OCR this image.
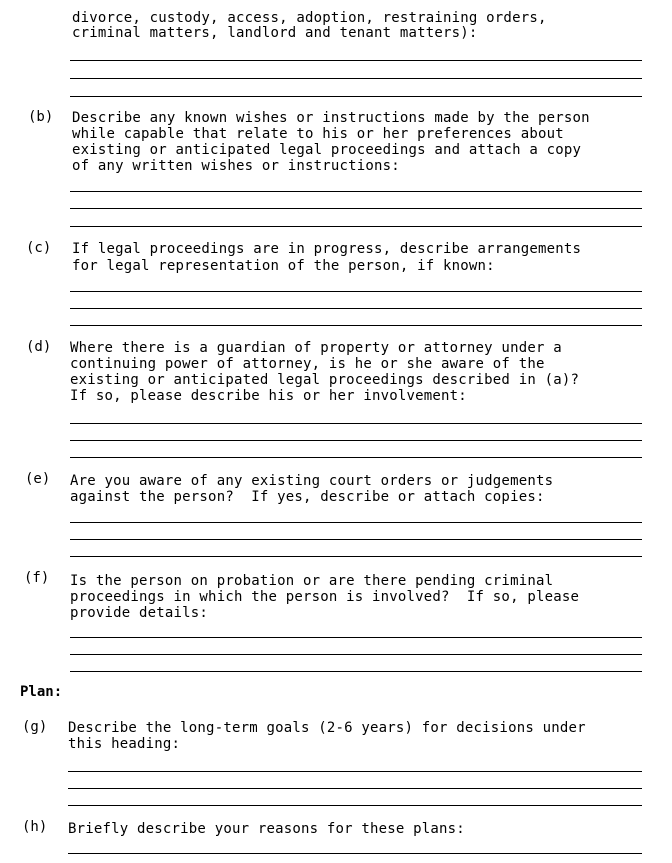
divorce, custody, access, adoption, restraining orders,
criminal matters, landlord and tenant matters):
(b) Describe any known wishes or instructions made by the person
while capable that relate to his or her preferences about
existing or anticipated legal proceedings and attach a copy
of any written wishes or instructions:
(c) If legal proceedings are in progress, describe arrangements
for legal representation of the person, if known:
(d) Where there is a guardian of property or attorney under a
continuing power of attorney, is he or she aware of the
existing or anticipated legal proceedings described in (a)?
If so, please describe his or her involvement:
(e) Are you aware of any existing court orders or judgements
against the person?  If yes, describe or attach copies:
(f) Is the person on probation or are there pending criminal
proceedings in which the person is involved?  If so, please
provide details:
Plan:
(g) Describe the long-term goals (2-6 years) for decisions under
this heading:
(h) Briefly describe your reasons for these plans:
